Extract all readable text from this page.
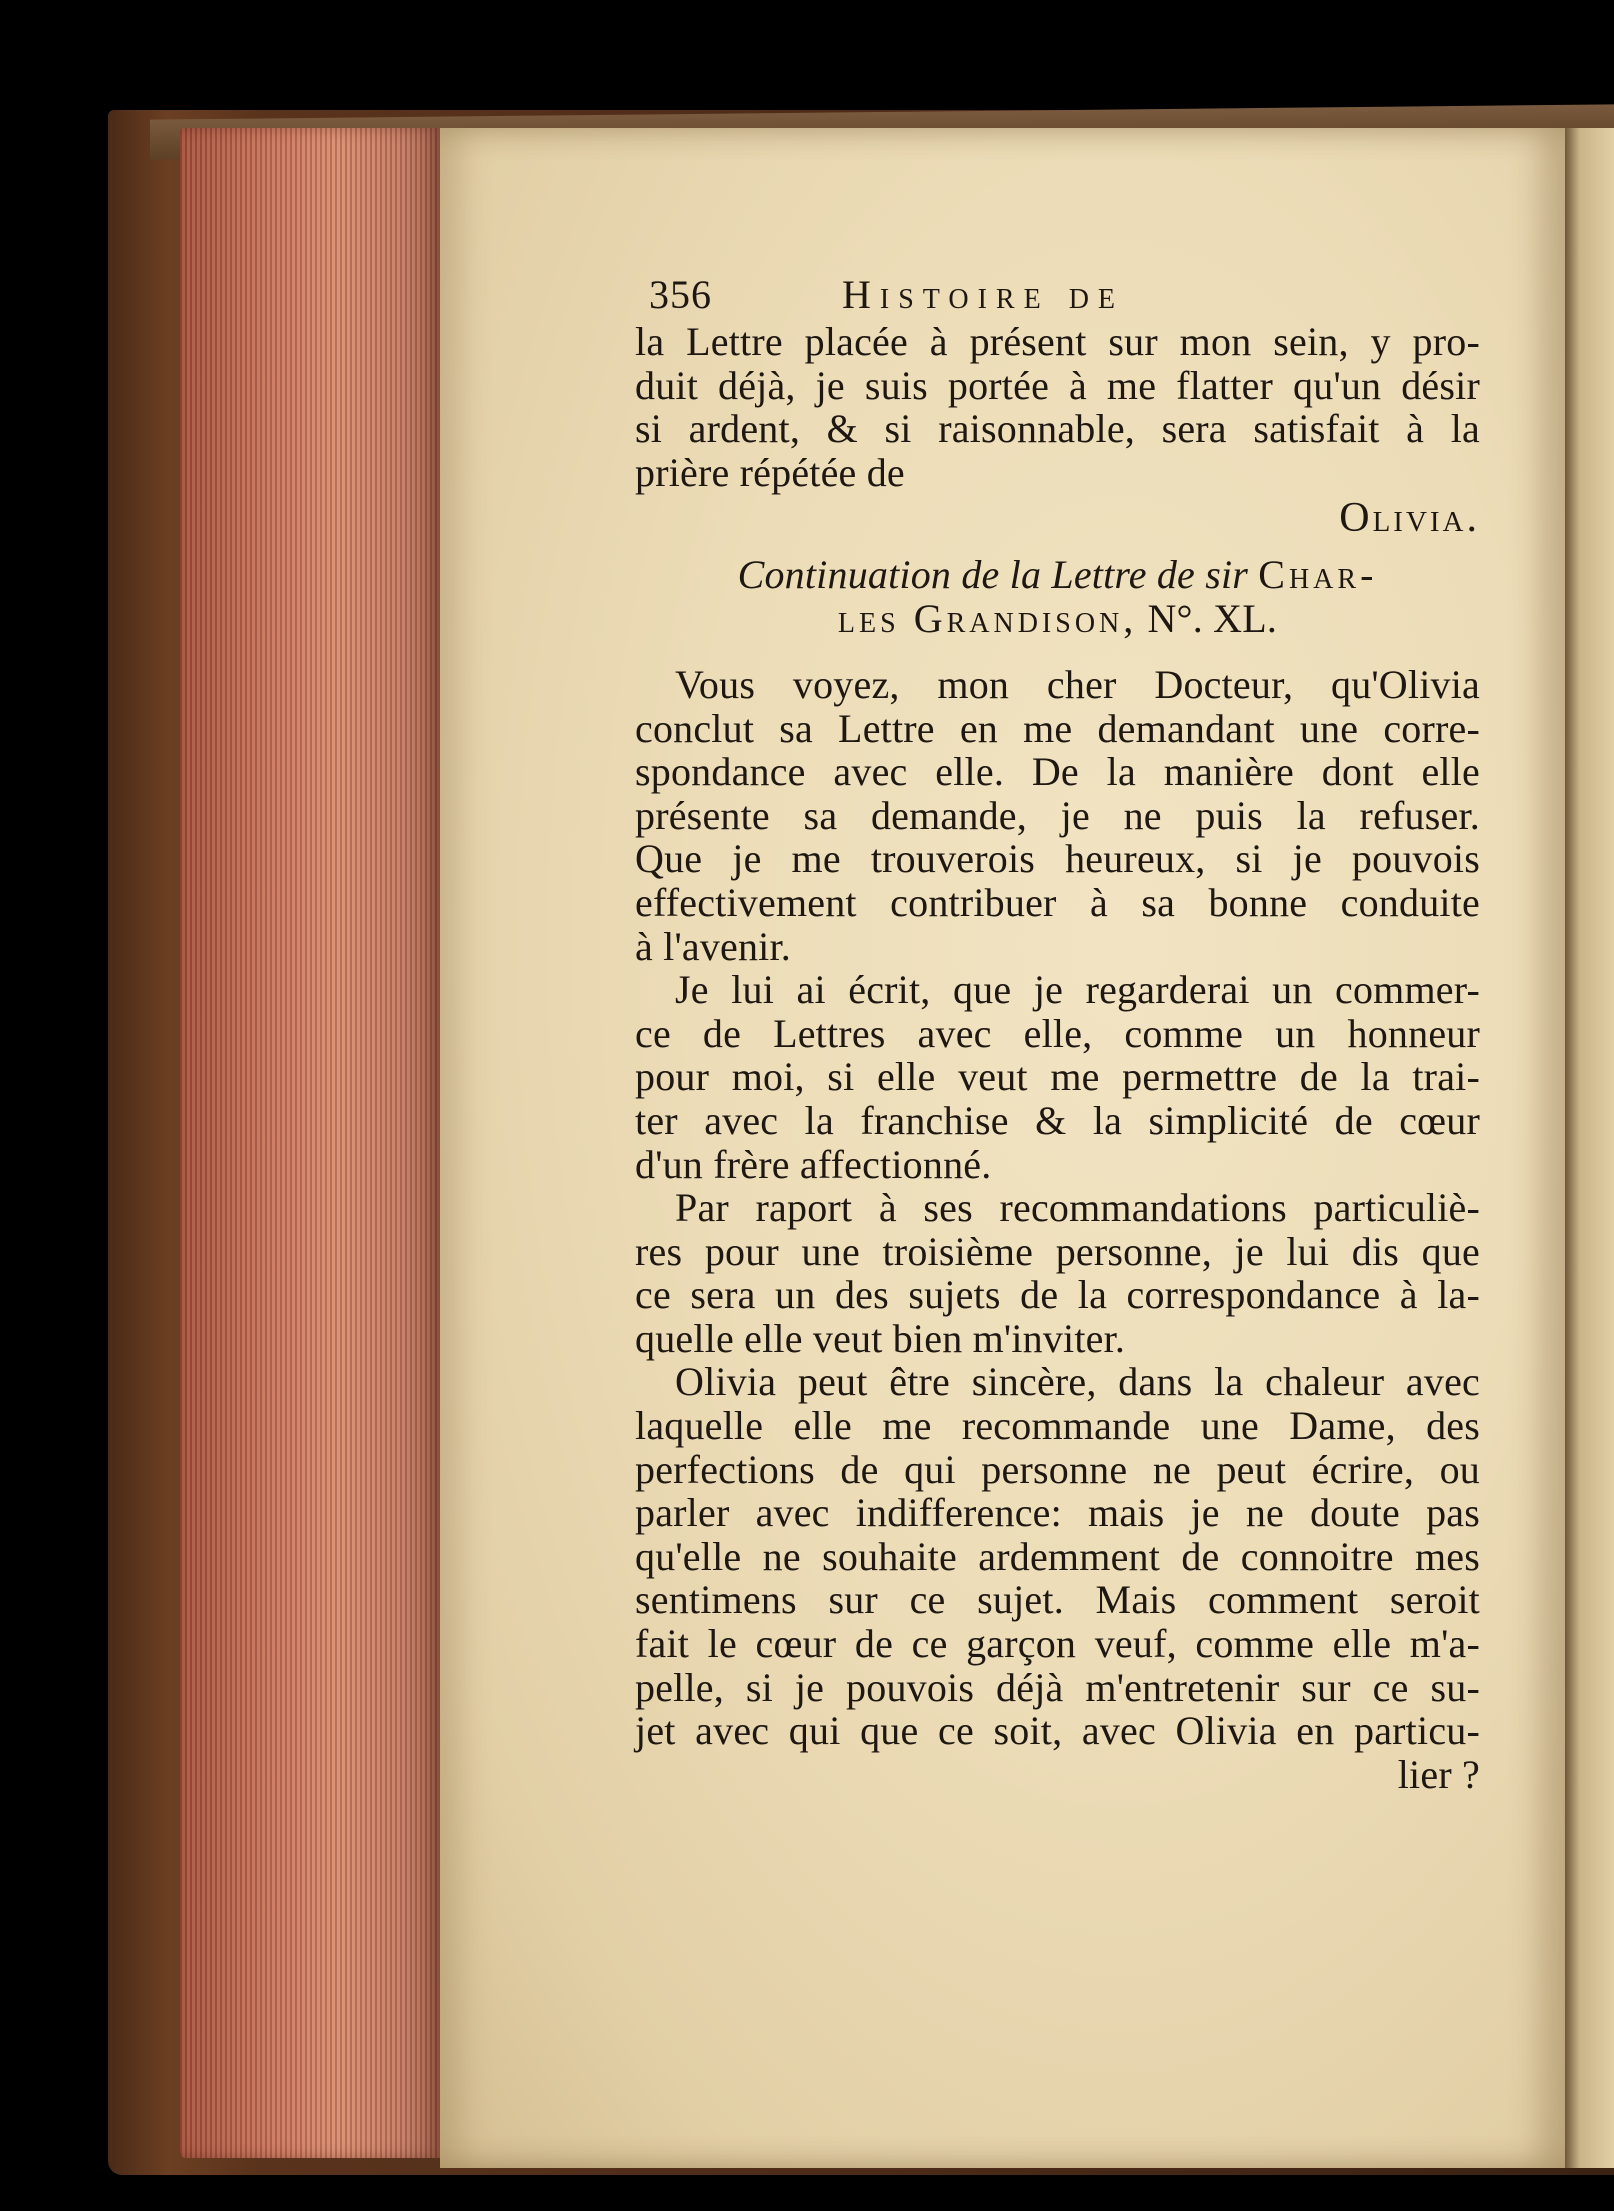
356	Histoire de
la Lettre placée à présent sur mon sein, y pro-
duit déjà, je suis portée à me flatter qu'un désir
si ardent, & si raisonnable, sera satisfait à la
prière répétée de
Olivia.
Continuation de la Lettre de sir Char-
les Grandison, N°. XL.
Vous voyez, mon cher Docteur, qu'Olivia
conclut sa Lettre en me demandant une corre-
spondance avec elle. De la manière dont elle
présente sa demande, je ne puis la refuser.
Que je me trouverois heureux, si je pouvois
effectivement contribuer à sa bonne conduite
à l'avenir.
Je lui ai écrit, que je regarderai un commer-
ce de Lettres avec elle, comme un honneur
pour moi, si elle veut me permettre de la trai-
ter avec la franchise & la simplicité de cœur
d'un frère affectionné.
Par raport à ses recommandations particuliè-
res pour une troisième personne, je lui dis que
ce sera un des sujets de la correspondance à la-
quelle elle veut bien m'inviter.
Olivia peut être sincère, dans la chaleur avec
laquelle elle me recommande une Dame, des
perfections de qui personne ne peut écrire, ou
parler avec indifference: mais je ne doute pas
qu'elle ne souhaite ardemment de connoitre mes
sentimens sur ce sujet. Mais comment seroit
fait le cœur de ce garçon veuf, comme elle m'a-
pelle, si je pouvois déjà m'entretenir sur ce su-
jet avec qui que ce soit, avec Olivia en particu-
lier ?
